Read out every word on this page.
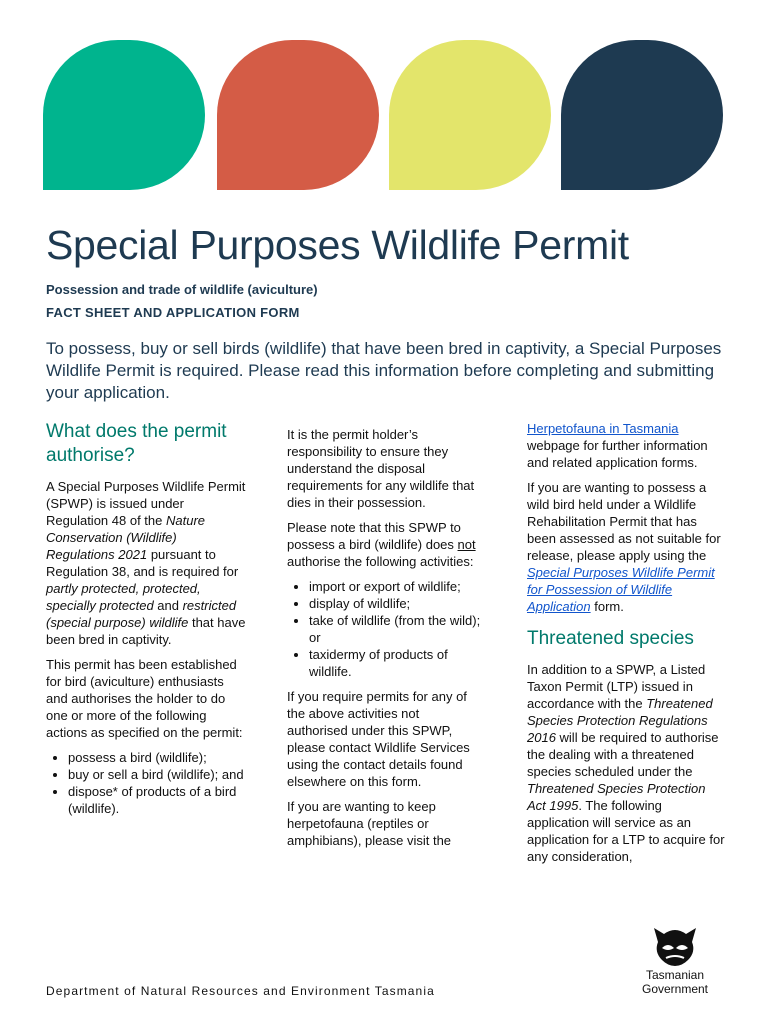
Special Purposes Wildlife Permit
Possession and trade of wildlife (aviculture)
FACT SHEET AND APPLICATION FORM
To possess, buy or sell birds (wildlife) that have been bred in captivity, a Special Purposes Wildlife Permit is required. Please read this information before completing and submitting your application.
What does the permit authorise?

A Special Purposes Wildlife Permit (SPWP) is issued under Regulation 48 of the Nature Conservation (Wildlife) Regulations 2021 pursuant to Regulation 38, and is required for partly protected, protected, specially protected and restricted (special purpose) wildlife that have been bred in captivity.

This permit has been established for bird (aviculture) enthusiasts and authorises the holder to do one or more of the following actions as specified on the permit:

• possess a bird (wildlife);
• buy or sell a bird (wildlife); and
• dispose* of products of a bird (wildlife).

It is the permit holder’s responsibility to ensure they understand the disposal requirements for any wildlife that dies in their possession.

Please note that this SPWP to possess a bird (wildlife) does not authorise the following activities:

• import or export of wildlife;
• display of wildlife;
• take of wildlife (from the wild); or
• taxidermy of products of wildlife.

If you require permits for any of the above activities not authorised under this SPWP, please contact Wildlife Services using the contact details found elsewhere on this form.

If you are wanting to keep herpetofauna (reptiles or amphibians), please visit the

Herpetofauna in Tasmania webpage for further information and related application forms.

If you are wanting to possess a wild bird held under a Wildlife Rehabilitation Permit that has been assessed as not suitable for release, please apply using the Special Purposes Wildlife Permit for Possession of Wildlife Application form.

Threatened species

In addition to a SPWP, a Listed Taxon Permit (LTP) issued in accordance with the Threatened Species Protection Regulations 2016 will be required to authorise the dealing with a threatened species scheduled under the Threatened Species Protection Act 1995. The following application will service as an application for a LTP to acquire for any consideration,

Department of Natural Resources and Environment Tasmania
Tasmanian
Government
